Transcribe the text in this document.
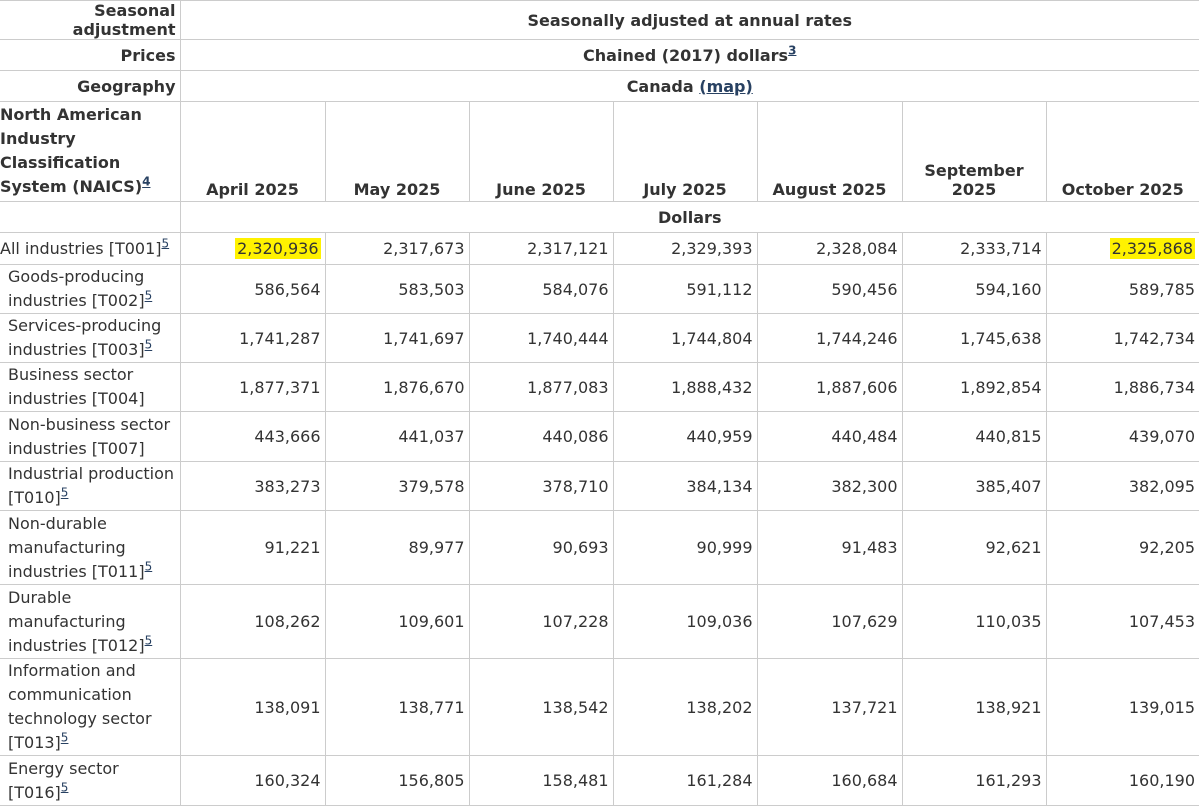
Seasonal adjustment	Seasonally adjusted at annual rates						
Prices	Chained (2017) dollars$^3$
Geography	Canada (map)						
North American Industry Classification System (NAICS)$^4$	April 2025	May 2025	June 2025	July 2025	August 2025	September 2025	October 2025
	Dollars						
All industries [T001]$^5$	2,320,936	2,317,673	2,317,121	2,329,393	2,328,084	2,333,714	2,325,868
Goods-producing industries [T002]$^5$	586,564	583,503	584,076	591,112	590,456	594,160	589,785
Services-producing industries [T003]$^5$	1,741,287	1,741,697	1,740,444	1,744,804	1,744,246	1,745,638	1,742,734
Business sector industries [T004]	1,877,371	1,876,670	1,877,083	1,888,432	1,887,606	1,892,854	1,886,734
Non-business sector industries [T007]	443,666	441,037	440,086	440,959	440,484	440,815	439,070
Industrial production [T010]$^5$	383,273	379,578	378,710	384,134	382,300	385,407	382,095
Non-durable manufacturing industries [T011]$^5$	91,221	89,977	90,693	90,999	91,483	92,621	92,205
Durable manufacturing industries [T012]$^5$	108,262	109,601	107,228	109,036	107,629	110,035	107,453
Information and communication technology sector [T013]$^5$	138,091	138,771	138,542	138,202	137,721	138,921	139,015
Energy sector [T016]$^5$	160,324	156,805	158,481	161,284	160,684	161,293	160,190
